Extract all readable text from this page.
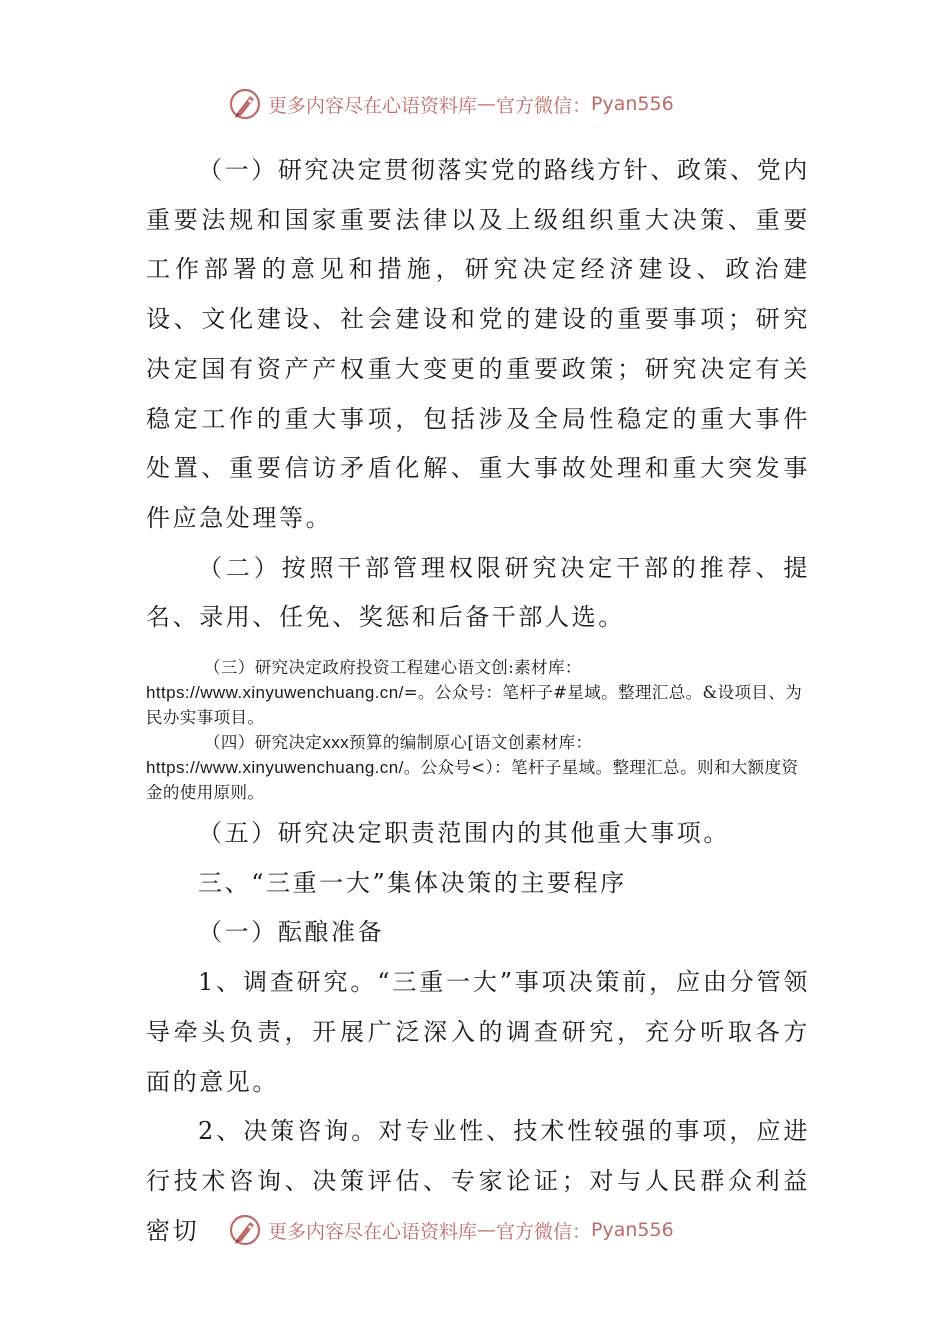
更多内容尽在心语资料库 — 官方微信： Pyan556

（一）研究决定贯彻落实党的路线方针、政策、党内重要法规和国家重要法律以及上级组织重大决策、重要工作部署的意见和措施，研究决定经济建设、政治建设、文化建设、社会建设和党的建设的重要事项；研究决定国有资产产权重大变更的重要政策；研究决定有关稳定工作的重大事项，包括涉及全局性稳定的重大事件处置、重要信访矛盾化解、重大事故处理和重大突发事件应急处理等。

（二）按照干部管理权限研究决定干部的推荐、提名、录用、任免、奖惩和后备干部人选。

（三）研究决定政府投资工程建心语文创:素材库：https://www.xinyuwenchuang.cn/=。公众号：笔杆子#星域。整理汇总。&设项目、为民办实事项目。

（四）研究决定xxx预算的编制原心[语文创素材库：https://www.xinyuwenchuang.cn/。公众号<）：笔杆子星域。整理汇总。则和大额度资金的使用原则。

（五）研究决定职责范围内的其他重大事项。

三、“三重一大”集体决策的主要程序

（一）酝酿准备

1、调查研究。“三重一大”事项决策前，应由分管领导牵头负责，开展广泛深入的调查研究，充分听取各方面的意见。

2、决策咨询。对专业性、技术性较强的事项，应进行技术咨询、决策评估、专家论证；对与人民群众利益密切	更多内容尽在心语资料库 — 官方微信： Pyan556
